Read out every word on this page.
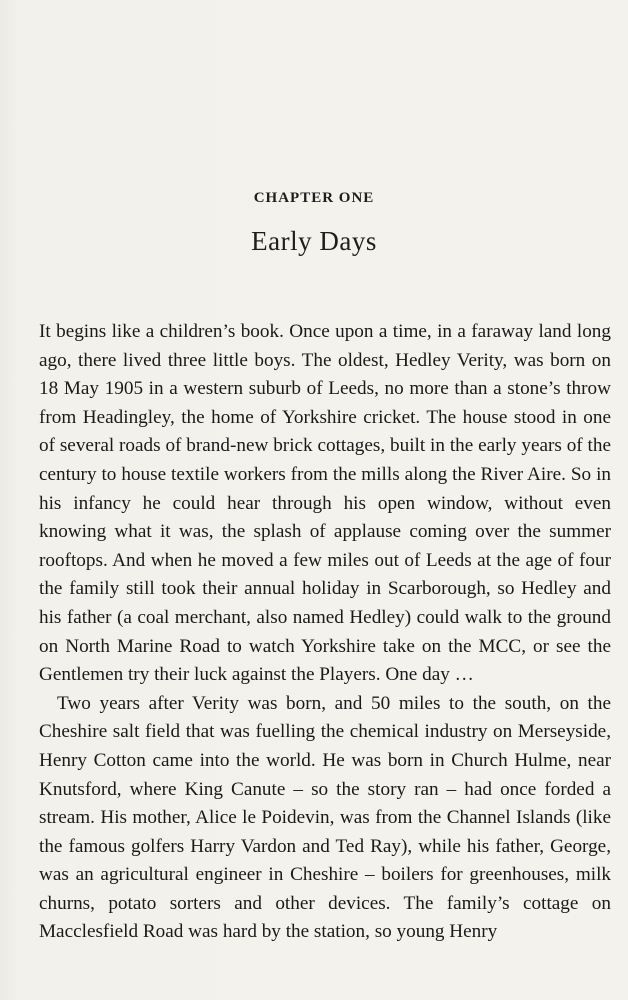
CHAPTER ONE
Early Days

It begins like a children’s book. Once upon a time, in a faraway land long ago, there lived three little boys. The oldest, Hedley Verity, was born on 18 May 1905 in a western suburb of Leeds, no more than a stone’s throw from Headingley, the home of Yorkshire cricket. The house stood in one of several roads of brand-new brick cottages, built in the early years of the century to house textile workers from the mills along the River Aire. So in his infancy he could hear through his open window, without even knowing what it was, the splash of applause coming over the summer rooftops. And when he moved a few miles out of Leeds at the age of four the family still took their annual holiday in Scarborough, so Hedley and his father (a coal merchant, also named Hedley) could walk to the ground on North Marine Road to watch Yorkshire take on the MCC, or see the Gentlemen try their luck against the Players. One day …

Two years after Verity was born, and 50 miles to the south, on the Cheshire salt field that was fuelling the chemical industry on Merseyside, Henry Cotton came into the world. He was born in Church Hulme, near Knutsford, where King Canute – so the story ran – had once forded a stream. His mother, Alice le Poidevin, was from the Channel Islands (like the famous golfers Harry Vardon and Ted Ray), while his father, George, was an agricultural engineer in Cheshire – boilers for greenhouses, milk churns, potato sorters and other devices. The family’s cottage on Macclesfield Road was hard by the station, so young Henry
